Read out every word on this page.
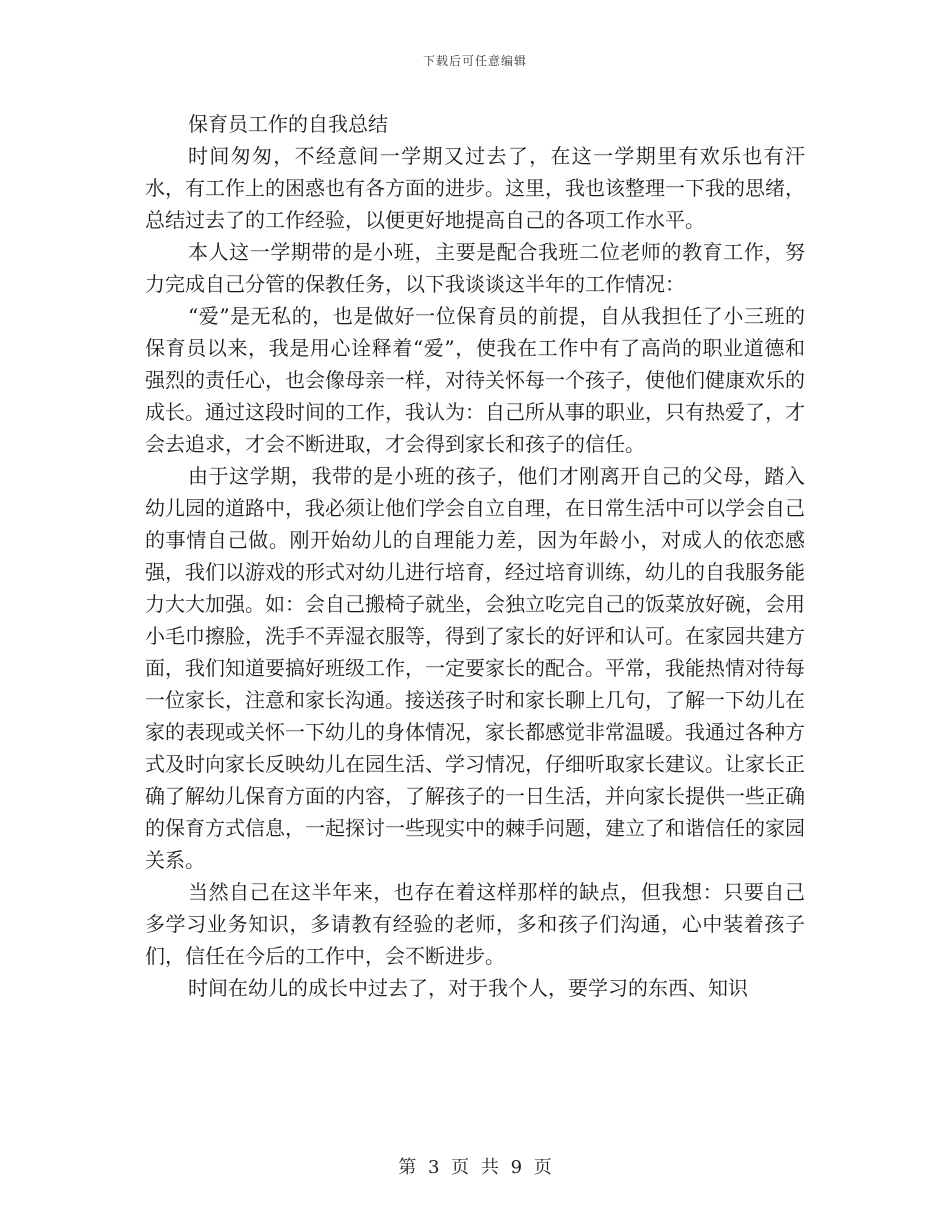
下载后可任意编辑

保育员工作的自我总结

时间匆匆，不经意间一学期又过去了，在这一学期里有欢乐也有汗水，有工作上的困惑也有各方面的进步。这里，我也该整理一下我的思绪，总结过去了的工作经验，以便更好地提高自己的各项工作水平。

本人这一学期带的是小班，主要是配合我班二位老师的教育工作，努力完成自己分管的保教任务，以下我谈谈这半年的工作情况：

“爱”是无私的，也是做好一位保育员的前提，自从我担任了小三班的保育员以来，我是用心诠释着“爱”，使我在工作中有了高尚的职业道德和强烈的责任心，也会像母亲一样，对待关怀每一个孩子，使他们健康欢乐的成长。通过这段时间的工作，我认为：自己所从事的职业，只有热爱了，才会去追求，才会不断进取，才会得到家长和孩子的信任。

由于这学期，我带的是小班的孩子，他们才刚离开自己的父母，踏入幼儿园的道路中，我必须让他们学会自立自理，在日常生活中可以学会自己的事情自己做。刚开始幼儿的自理能力差，因为年龄小，对成人的依恋感强，我们以游戏的形式对幼儿进行培育，经过培育训练，幼儿的自我服务能力大大加强。如：会自己搬椅子就坐，会独立吃完自己的饭菜放好碗，会用小毛巾擦脸，洗手不弄湿衣服等，得到了家长的好评和认可。在家园共建方面，我们知道要搞好班级工作，一定要家长的配合。平常，我能热情对待每一位家长，注意和家长沟通。接送孩子时和家长聊上几句，了解一下幼儿在家的表现或关怀一下幼儿的身体情况，家长都感觉非常温暖。我通过各种方式及时向家长反映幼儿在园生活、学习情况，仔细听取家长建议。让家长正确了解幼儿保育方面的内容，了解孩子的一日生活，并向家长提供一些正确的保育方式信息，一起探讨一些现实中的棘手问题，建立了和谐信任的家园关系。

当然自己在这半年来，也存在着这样那样的缺点，但我想：只要自己多学习业务知识，多请教有经验的老师，多和孩子们沟通，心中装着孩子们，信任在今后的工作中，会不断进步。

时间在幼儿的成长中过去了，对于我个人，要学习的东西、知识

第 3 页 共 9 页
